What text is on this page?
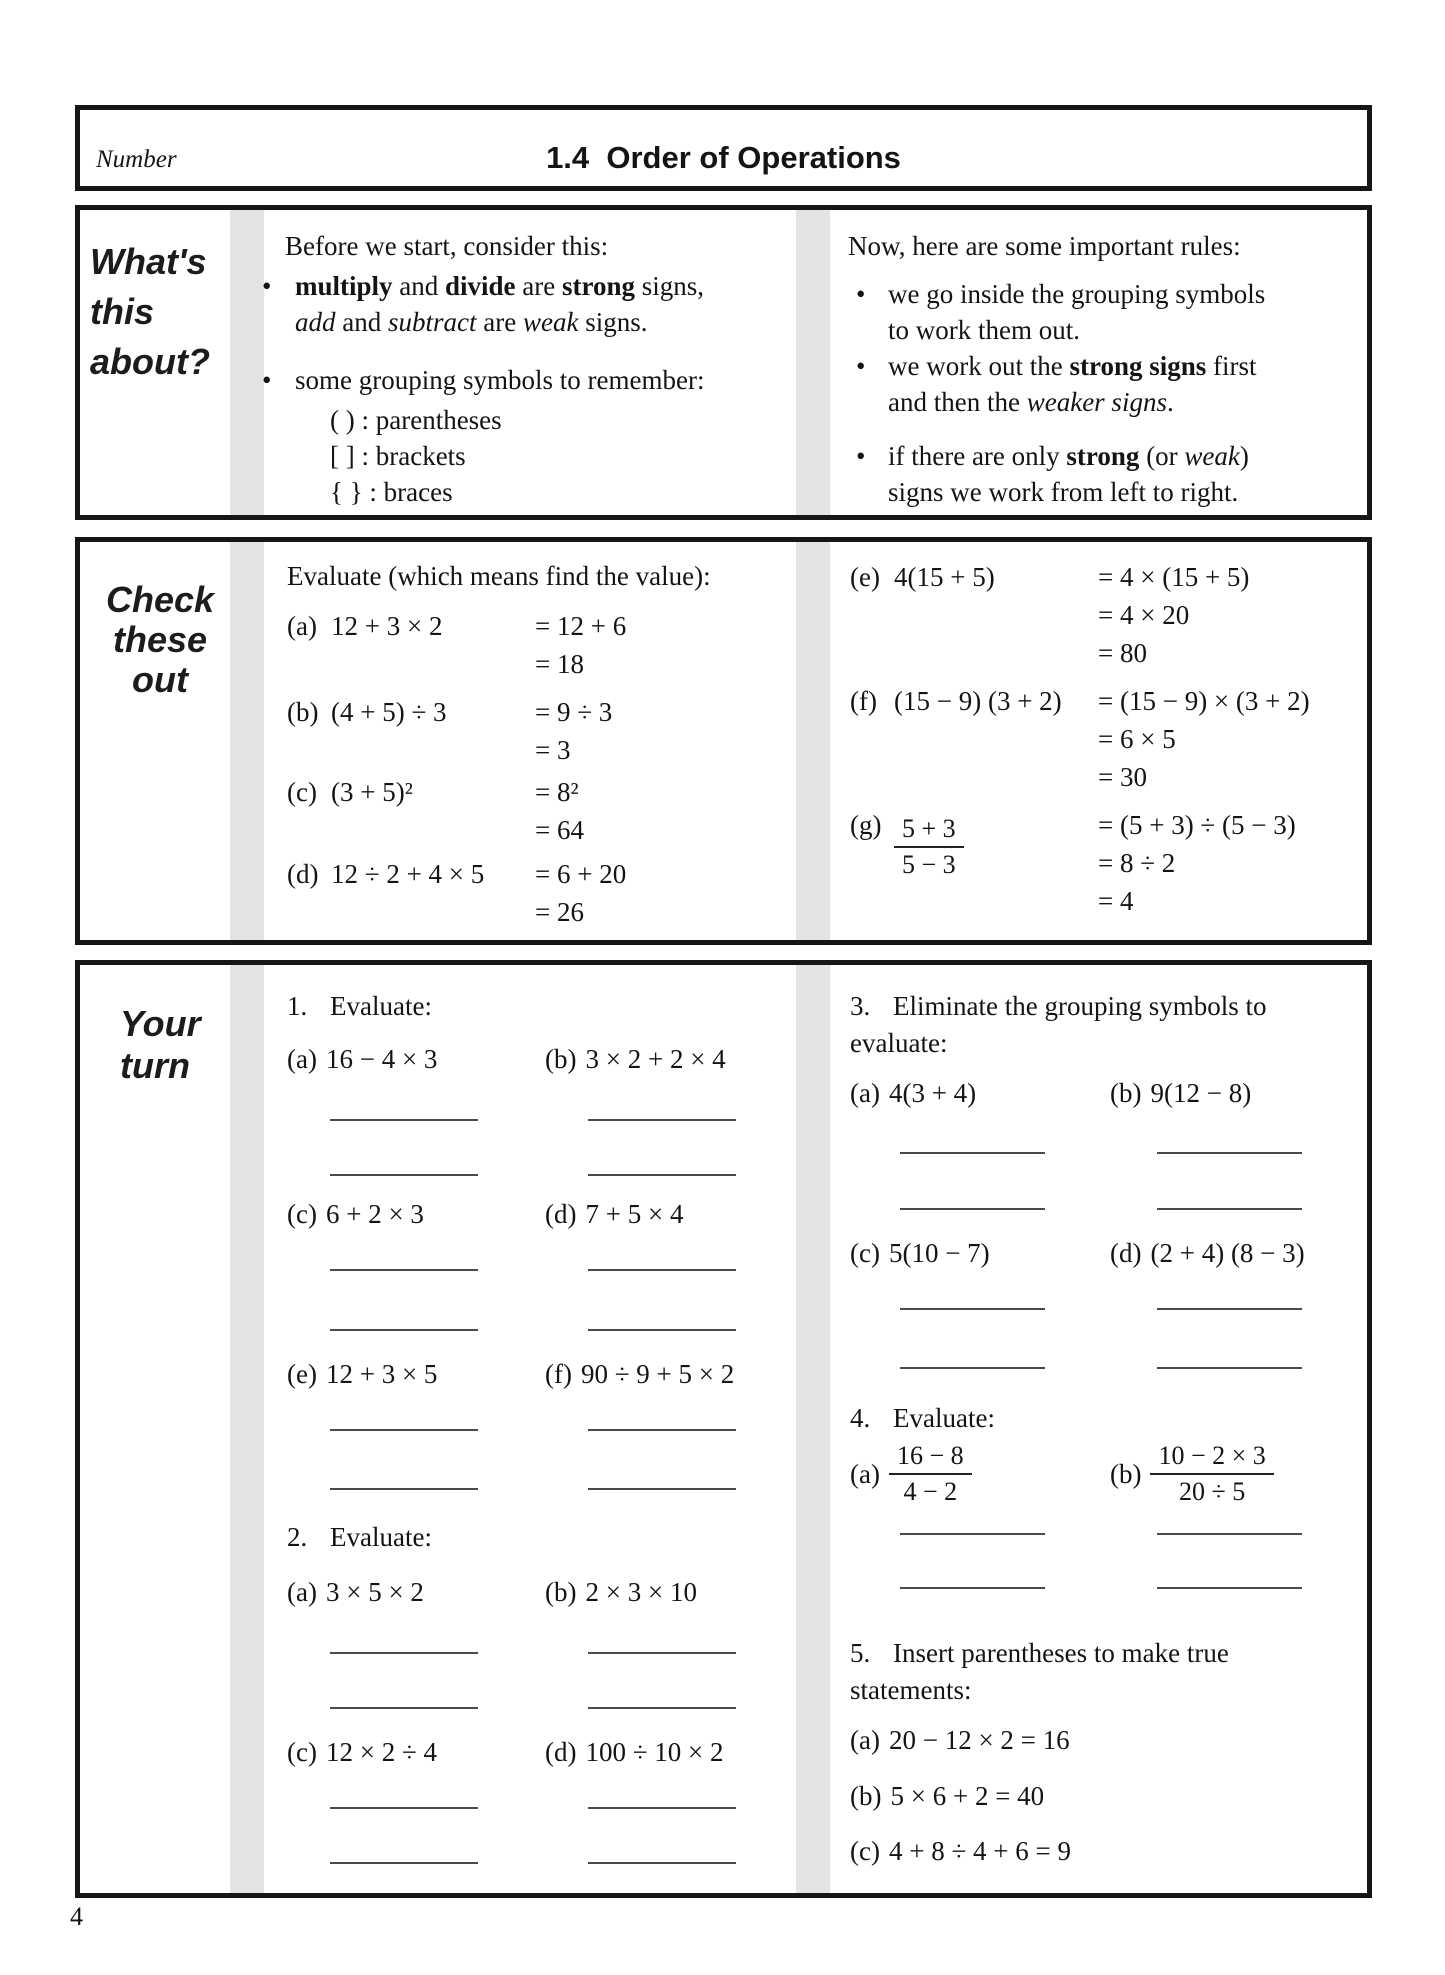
Number	1.4  Order of Operations
What's
this
about?
Before we start, consider this:
•
multiply and divide are strong signs,
add and subtract are weak signs.
•
some grouping symbols to remember:
( ) : parentheses
[ ] : brackets
{ } : braces
Now, here are some important rules:
•
we go inside the grouping symbols
to work them out.
•
we work out the strong signs first
and then the weaker signs.
•
if there are only strong (or weak)
signs we work from left to right.
Check
these
out
Evaluate (which means find the value):
(a) 12 + 3 × 2	= 12 + 6
= 18
(b) (4 + 5) ÷ 3	= 9 ÷ 3
= 3
(c) (3 + 5)²	= 8²
= 64
(d) 12 ÷ 2 + 4 × 5	= 6 + 20
= 26
(e) 4(15 + 5)	= 4 × (15 + 5)
= 4 × 20
= 80
(f) (15 − 9) (3 + 2)	= (15 − 9) × (3 + 2)
= 6 × 5
= 30
$(g) \frac{5 + 3}{5 - 3}$	= (5 + 3) ÷ (5 − 3)
= 8 ÷ 2
= 4
Your
turn
1. Evaluate:
(a) 16 − 4 × 3	(b) 3 × 2 + 2 × 4
(c) 6 + 2 × 3	(d) 7 + 5 × 4
(e) 12 + 3 × 5	(f) 90 ÷ 9 + 5 × 2
2. Evaluate:
(a) 3 × 5 × 2	(b) 2 × 3 × 10
(c) 12 × 2 ÷ 4	(d) 100 ÷ 10 × 2
3. Eliminate the grouping symbols to
evaluate:
(a) 4(3 + 4)	(b) 9(12 − 8)
(c) 5(10 − 7)	(d) (2 + 4) (8 − 3)
4. Evaluate:
$(a) \frac{16 - 8}{4 - 2}$	$(b) \frac{10 - 2 \times 3}{20 \div 5}$
5. Insert parentheses to make true
statements:
(a) 20 − 12 × 2 = 16
(b) 5 × 6 + 2 = 40
(c) 4 + 8 ÷ 4 + 6 = 9
4
